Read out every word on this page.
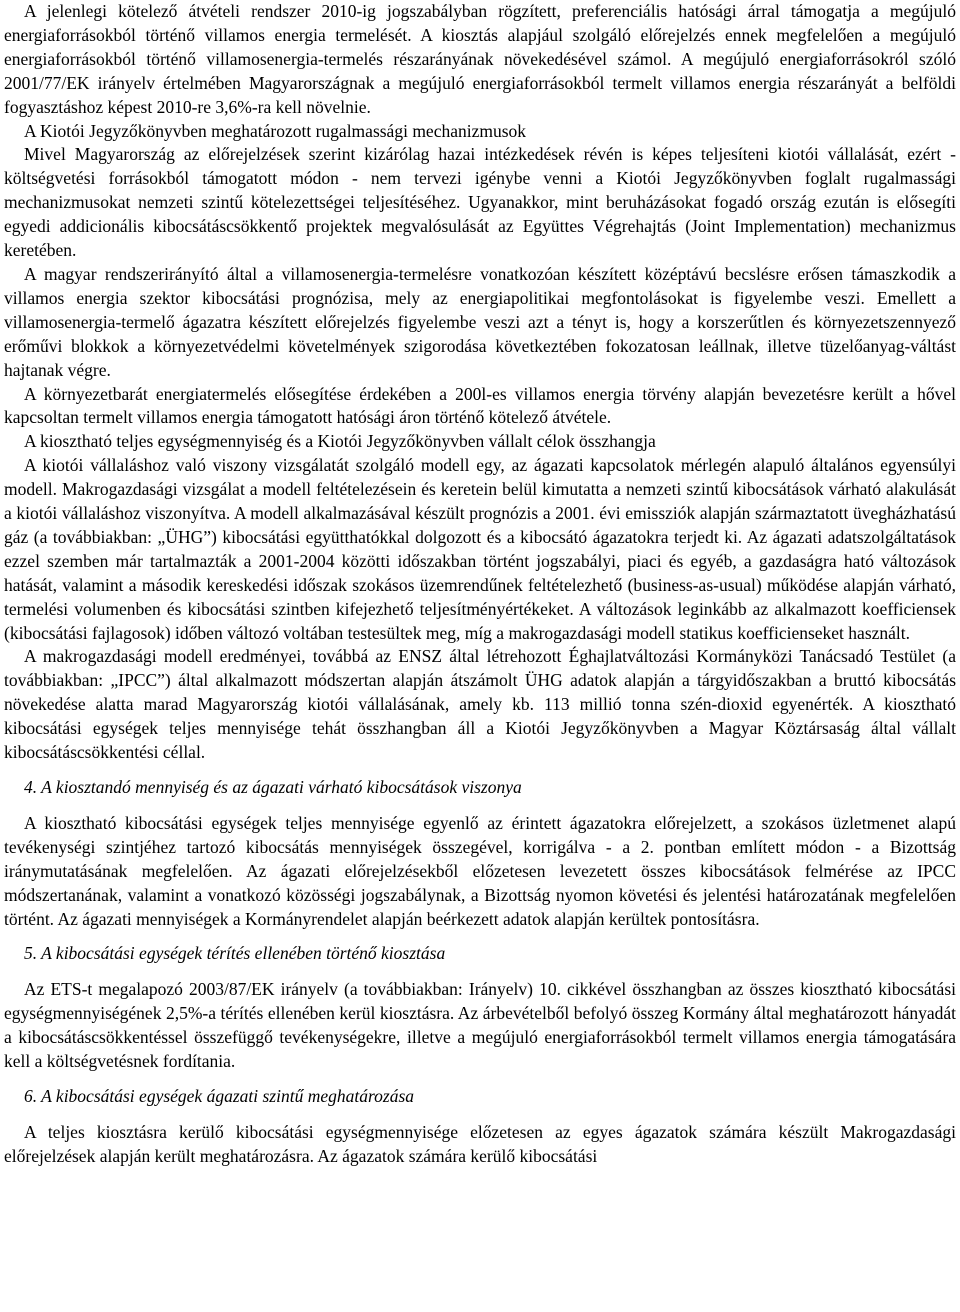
A jelenlegi kötelező átvételi rendszer 2010-ig jogszabályban rögzített, preferenciális hatósági árral támogatja a megújuló energiaforrásokból történő villamos energia termelését. A kiosztás alapjául szolgáló előrejelzés ennek megfelelően a megújuló energiaforrásokból történő villamosenergia-termelés részarányának növekedésével számol. A megújuló energiaforrásokról szóló 2001/77/EK irányelv értelmében Magyarországnak a megújuló energiaforrásokból termelt villamos energia részarányát a belföldi fogyasztáshoz képest 2010-re 3,6%-ra kell növelnie.

A Kiotói Jegyzőkönyvben meghatározott rugalmassági mechanizmusok

Mivel Magyarország az előrejelzések szerint kizárólag hazai intézkedések révén is képes teljesíteni kiotói vállalását, ezért - költségvetési forrásokból támogatott módon - nem tervezi igénybe venni a Kiotói Jegyzőkönyvben foglalt rugalmassági mechanizmusokat nemzeti szintű kötelezettségei teljesítéséhez. Ugyanakkor, mint beruházásokat fogadó ország ezután is elősegíti egyedi addicionális kibocsátáscsökkentő projektek megvalósulását az Együttes Végrehajtás (Joint Implementation) mechanizmus keretében.

A magyar rendszerirányító által a villamosenergia-termelésre vonatkozóan készített középtávú becslésre erősen támaszkodik a villamos energia szektor kibocsátási prognózisa, mely az energiapolitikai megfontolásokat is figyelembe veszi. Emellett a villamosenergia-termelő ágazatra készített előrejelzés figyelembe veszi azt a tényt is, hogy a korszerűtlen és környezetszennyező erőművi blokkok a környezetvédelmi követelmények szigorodása következtében fokozatosan leállnak, illetve tüzelőanyag-váltást hajtanak végre.

A környezetbarát energiatermelés elősegítése érdekében a 200l-es villamos energia törvény alapján bevezetésre került a hővel kapcsoltan termelt villamos energia támogatott hatósági áron történő kötelező átvétele.

A kiosztható teljes egységmennyiség és a Kiotói Jegyzőkönyvben vállalt célok összhangja

A kiotói vállaláshoz való viszony vizsgálatát szolgáló modell egy, az ágazati kapcsolatok mérlegén alapuló általános egyensúlyi modell. Makrogazdasági vizsgálat a modell feltételezésein és keretein belül kimutatta a nemzeti szintű kibocsátások várható alakulását a kiotói vállaláshoz viszonyítva. A modell alkalmazásával készült prognózis a 2001. évi emissziók alapján származtatott üvegházhatású gáz (a továbbiakban: „ÜHG”) kibocsátási együtthatókkal dolgozott és a kibocsátó ágazatokra terjedt ki. Az ágazati adatszolgáltatások ezzel szemben már tartalmazták a 2001-2004 közötti időszakban történt jogszabályi, piaci és egyéb, a gazdaságra ható változások hatását, valamint a második kereskedési időszak szokásos üzemrendűnek feltételezhető (business-as-usual) működése alapján várható, termelési volumenben és kibocsátási szintben kifejezhető teljesítményértékeket. A változások leginkább az alkalmazott koefficiensek (kibocsátási fajlagosok) időben változó voltában testesültek meg, míg a makrogazdasági modell statikus koefficienseket használt.

A makrogazdasági modell eredményei, továbbá az ENSZ által létrehozott Éghajlatváltozási Kormányközi Tanácsadó Testület (a továbbiakban: „IPCC”) által alkalmazott módszertan alapján átszámolt ÜHG adatok alapján a tárgyidőszakban a bruttó kibocsátás növekedése alatta marad Magyarország kiotói vállalásának, amely kb. 113 millió tonna szén-dioxid egyenérték. A kiosztható kibocsátási egységek teljes mennyisége tehát összhangban áll a Kiotói Jegyzőkönyvben a Magyar Köztársaság által vállalt kibocsátáscsökkentési céllal.

4. A kiosztandó mennyiség és az ágazati várható kibocsátások viszonya

A kiosztható kibocsátási egységek teljes mennyisége egyenlő az érintett ágazatokra előrejelzett, a szokásos üzletmenet alapú tevékenységi szintjéhez tartozó kibocsátás mennyiségek összegével, korrigálva - a 2. pontban említett módon - a Bizottság iránymutatásának megfelelően. Az ágazati előrejelzésekből előzetesen levezetett összes kibocsátások felmérése az IPCC módszertanának, valamint a vonatkozó közösségi jogszabálynak, a Bizottság nyomon követési és jelentési határozatának megfelelően történt. Az ágazati mennyiségek a Kormányrendelet alapján beérkezett adatok alapján kerültek pontosításra.

5. A kibocsátási egységek térítés ellenében történő kiosztása

Az ETS-t megalapozó 2003/87/EK irányelv (a továbbiakban: Irányelv) 10. cikkével összhangban az összes kiosztható kibocsátási egységmennyiségének 2,5%-a térítés ellenében kerül kiosztásra. Az árbevételből befolyó összeg Kormány által meghatározott hányadát a kibocsátáscsökkentéssel összefüggő tevékenységekre, illetve a megújuló energiaforrásokból termelt villamos energia támogatására kell a költségvetésnek fordítania.

6. A kibocsátási egységek ágazati szintű meghatározása

A teljes kiosztásra kerülő kibocsátási egységmennyisége előzetesen az egyes ágazatok számára készült Makrogazdasági előrejelzések alapján került meghatározásra. Az ágazatok számára kerülő kibocsátási
